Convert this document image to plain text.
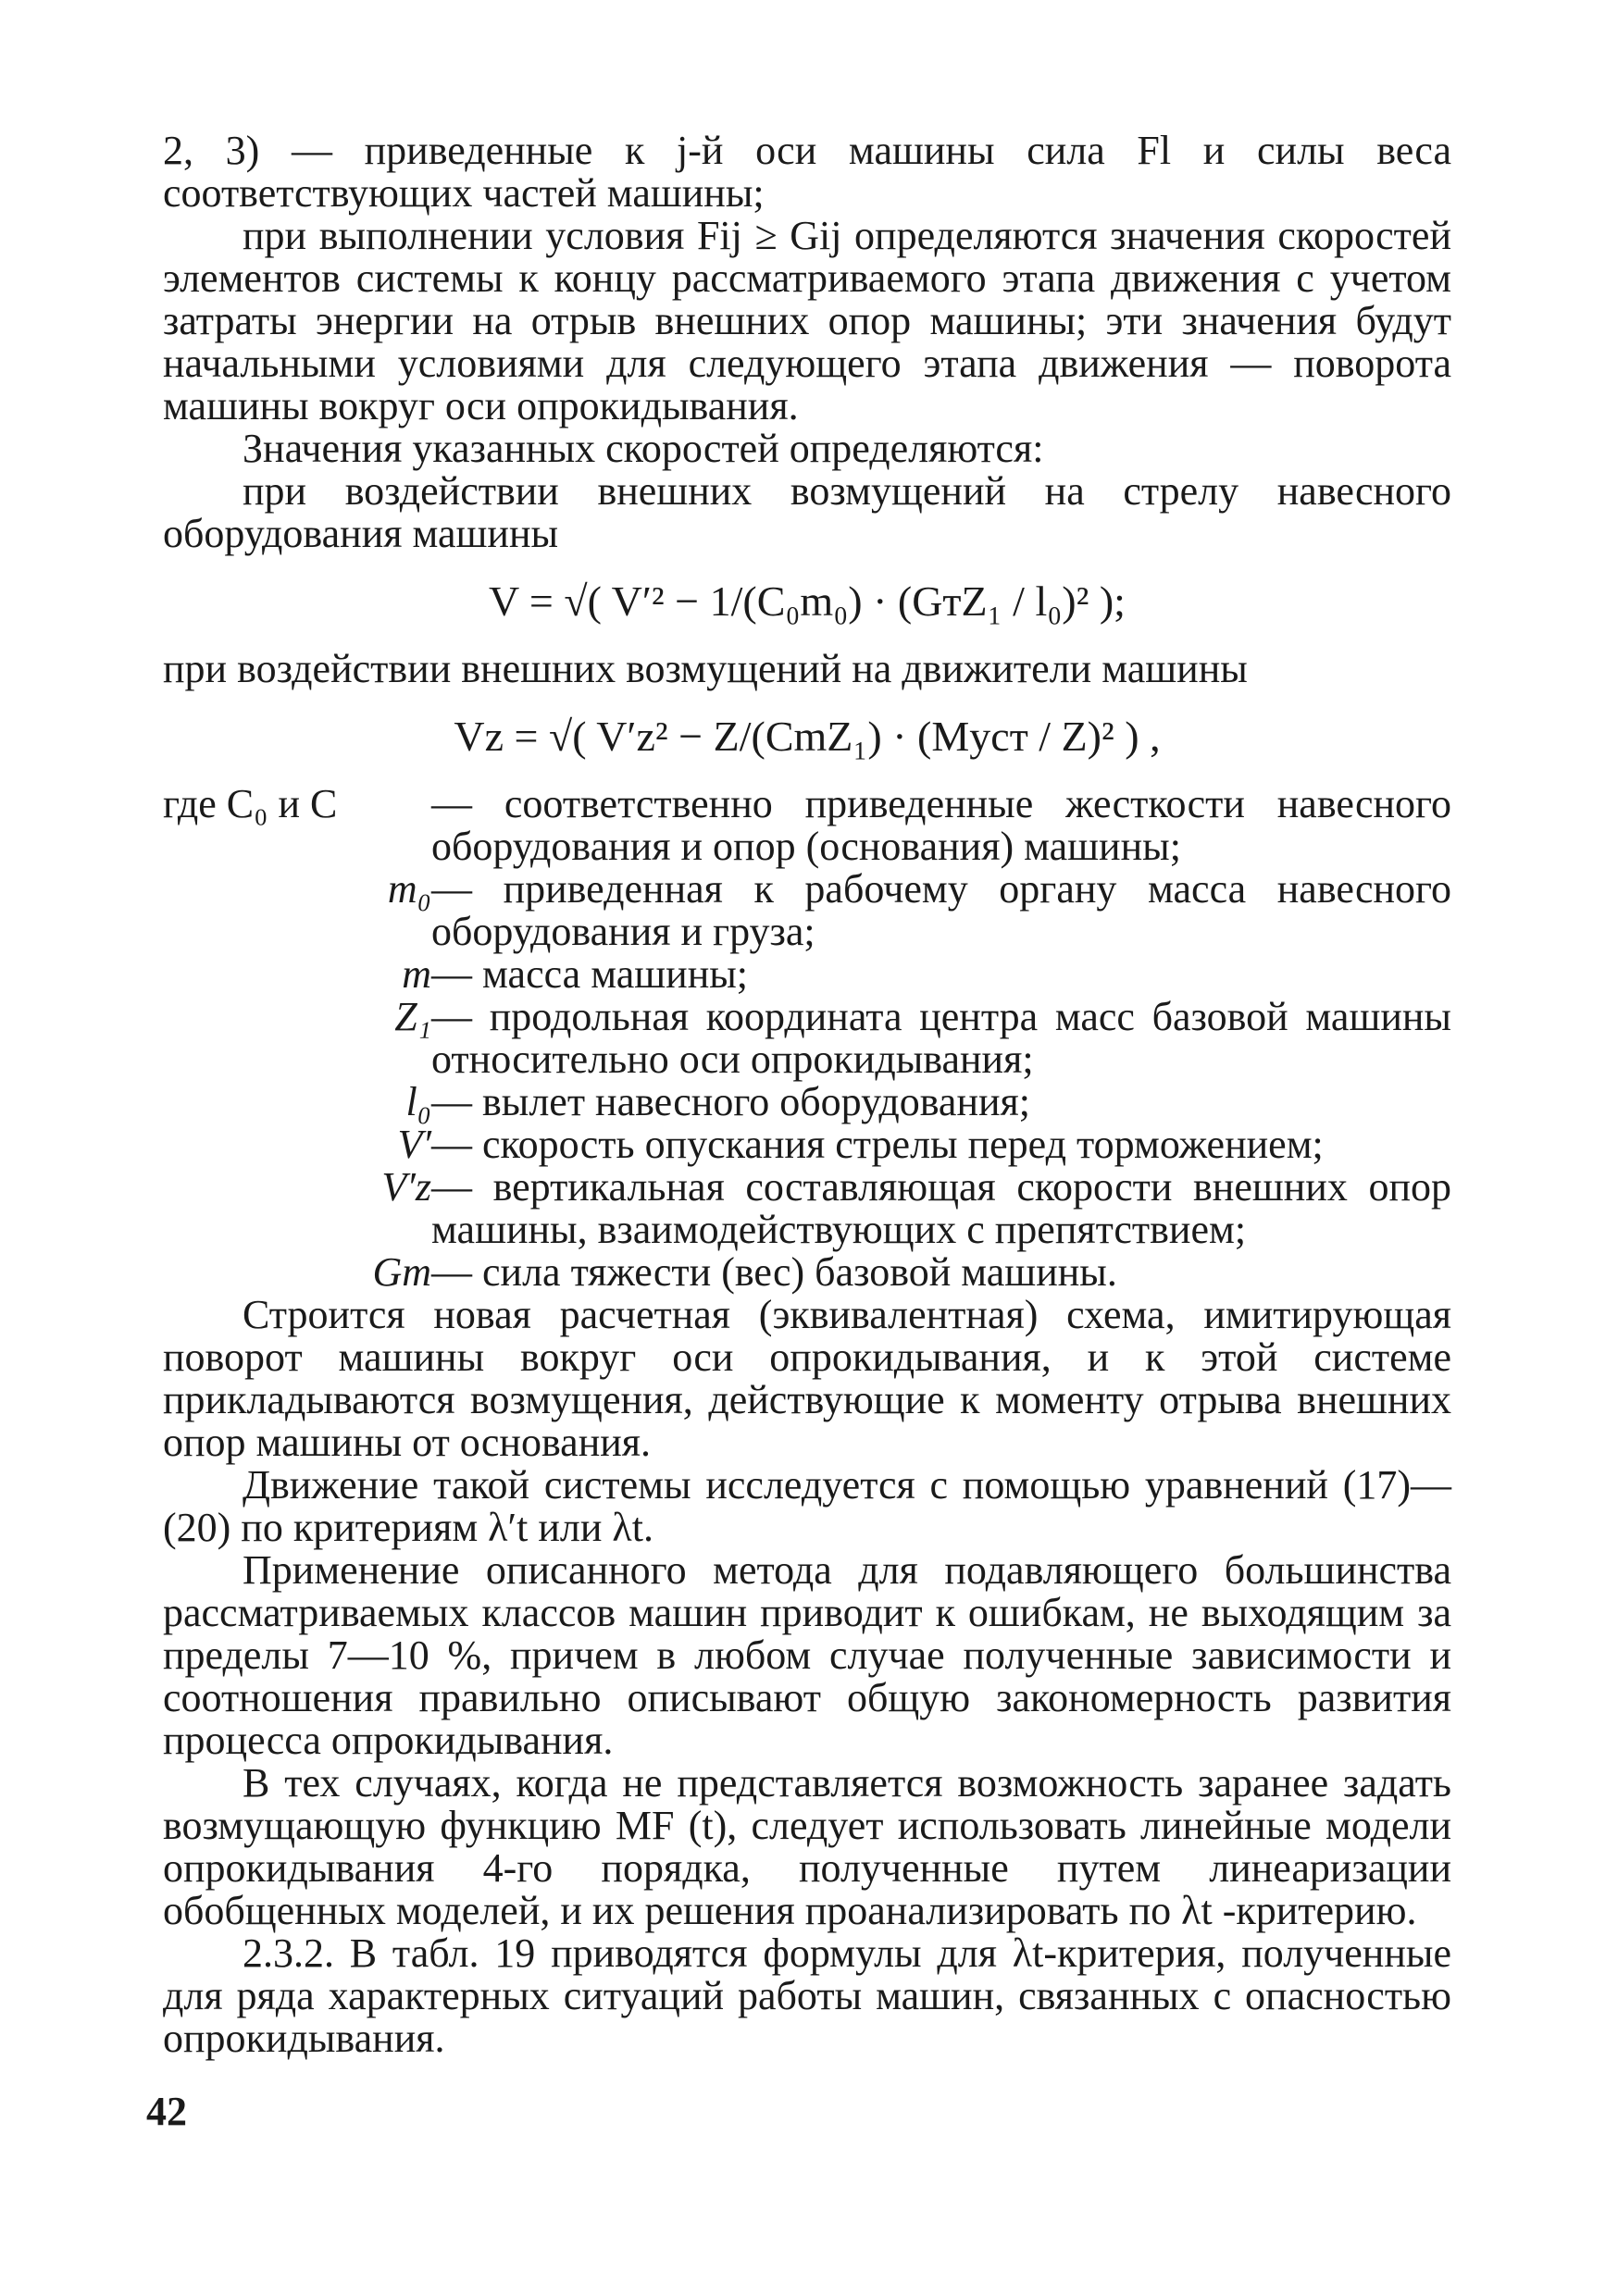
2, 3) — приведенные к j-й оси машины сила Fl и силы веса соответствующих частей машины;

при выполнении условия Fij ≥ Gij определяются значения скоростей элементов системы к концу рассматриваемого этапа движения с учетом затраты энергии на отрыв внешних опор машины; эти значения будут начальными условиями для следующего этапа движения — поворота машины вокруг оси опрокидывания.

Значения указанных скоростей определяются:

при воздействии внешних возмущений на стрелу навесного оборудования машины

V = √( V′² − 1/(C₀m₀) · (GтZ₁ / l₀)² );

при воздействии внешних возмущений на движители машины

Vz = √( V′z² − Z/(CmZ₁) · (Mуст / Z)² ) ,
где C₀ и C	— соответственно приведенные жесткости навесного оборудования и опор (основания) машины;
m₀ — приведенная к рабочему органу масса навесного оборудования и груза;
m — масса машины;
Z₁ — продольная координата центра масс базовой машины относительно оси опрокидывания;
l₀ — вылет навесного оборудования;
V′ — скорость опускания стрелы перед торможением;
V′z — вертикальная составляющая скорости внешних опор машины, взаимодействующих с препятствием;
Gт — сила тяжести (вес) базовой машины.

Строится новая расчетная (эквивалентная) схема, имитирующая поворот машины вокруг оси опрокидывания, и к этой системе прикладываются возмущения, действующие к моменту отрыва внешних опор машины от основания.

Движение такой системы исследуется с помощью уравнений (17)—(20) по критериям λ′t или λt.

Применение описанного метода для подавляющего большинства рассматриваемых классов машин приводит к ошибкам, не выходящим за пределы 7—10 %, причем в любом случае полученные зависимости и соотношения правильно описывают общую закономерность развития процесса опрокидывания.

В тех случаях, когда не представляется возможность заранее задать возмущающую функцию MF (t), следует использовать линейные модели опрокидывания 4-го порядка, полученные путем линеаризации обобщенных моделей, и их решения проанализировать по λt -критерию.

2.3.2. В табл. 19 приводятся формулы для λt-критерия, полученные для ряда характерных ситуаций работы машин, связанных с опасностью опрокидывания.

42
